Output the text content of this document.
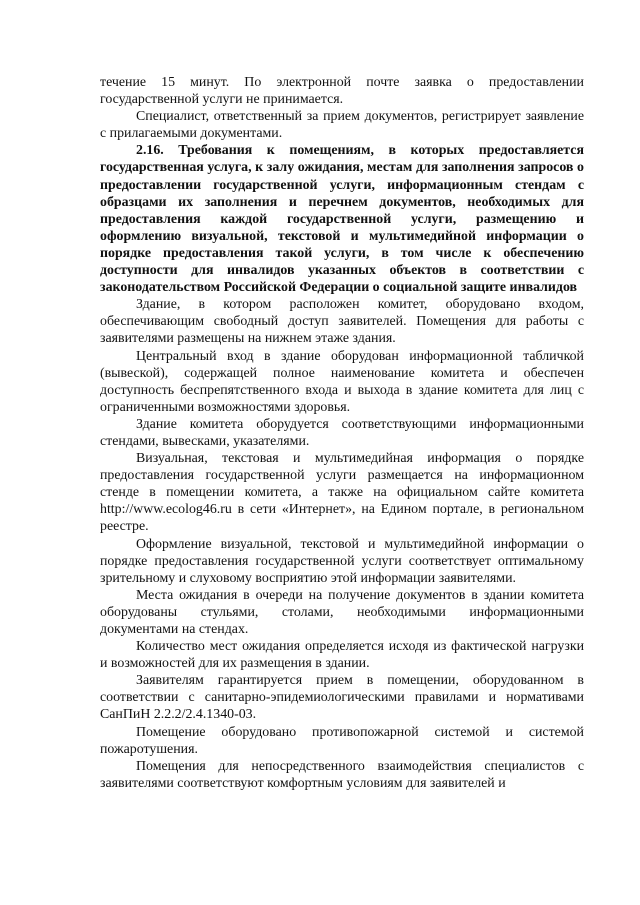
течение 15 минут. По электронной почте заявка о предоставлении государственной услуги не принимается.

Специалист, ответственный за прием документов, регистрирует заявление с прилагаемыми документами.

2.16. Требования к помещениям, в которых предоставляется государственная услуга, к залу ожидания, местам для заполнения запросов о предоставлении государственной услуги, информационным стендам с образцами их заполнения и перечнем документов, необходимых для предоставления каждой государственной услуги, размещению и оформлению визуальной, текстовой и мультимедийной информации о порядке предоставления такой услуги, в том числе к обеспечению доступности для инвалидов указанных объектов в соответствии с законодательством Российской Федерации о социальной защите инвалидов

Здание, в котором расположен комитет, оборудовано входом, обеспечивающим свободный доступ заявителей. Помещения для работы с заявителями размещены на нижнем этаже здания.

Центральный вход в здание оборудован информационной табличкой (вывеской), содержащей полное наименование комитета и обеспечен доступность беспрепятственного входа и выхода в здание комитета для лиц с ограниченными возможностями здоровья.

Здание комитета оборудуется соответствующими информационными стендами, вывесками, указателями.

Визуальная, текстовая и мультимедийная информация о порядке предоставления государственной услуги размещается на информационном стенде в помещении комитета, а также на официальном сайте комитета http://www.ecolog46.ru в сети «Интернет», на Едином портале, в региональном реестре.

Оформление визуальной, текстовой и мультимедийной информации о порядке предоставления государственной услуги соответствует оптимальному зрительному и слуховому восприятию этой информации заявителями.

Места ожидания в очереди на получение документов в здании комитета оборудованы стульями, столами, необходимыми информационными документами на стендах.

Количество мест ожидания определяется исходя из фактической нагрузки и возможностей для их размещения в здании.

Заявителям гарантируется прием в помещении, оборудованном в соответствии с санитарно-эпидемиологическими правилами и нормативами СанПиН 2.2.2/2.4.1340-03.

Помещение оборудовано противопожарной системой и системой пожаротушения.

Помещения для непосредственного взаимодействия специалистов с заявителями соответствуют комфортным условиям для заявителей и
